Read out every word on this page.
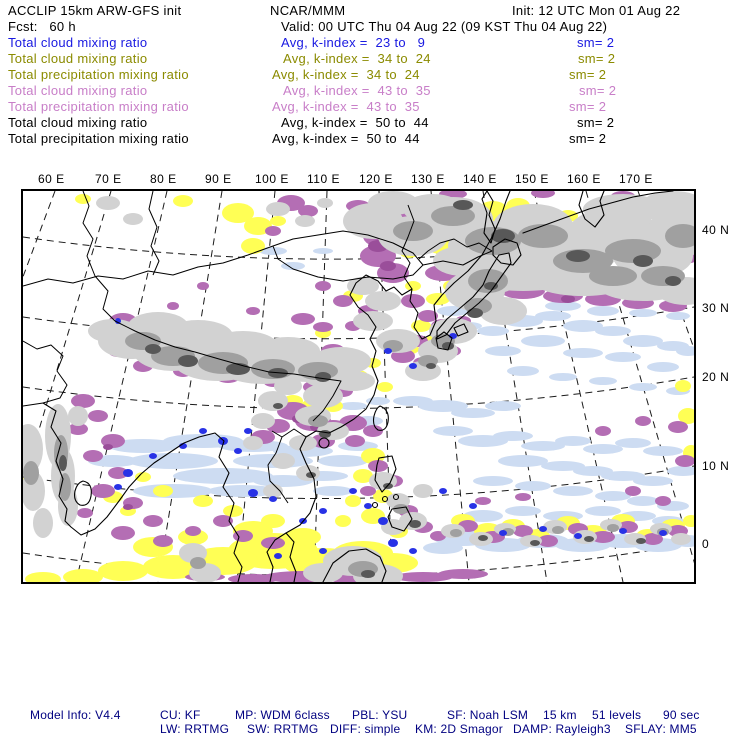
ACCLIP 15km ARW-GFS init	NCAR/MMM	Init: 12 UTC Mon 01 Aug 22
Fcst:   60 h	Valid: 00 UTC Thu 04 Aug 22 (09 KST Thu 04 Aug 22)
Total cloud mixing ratio	Avg, k-index =  23 to   9	sm= 2
Total cloud mixing ratio	Avg, k-index =  34 to  24	sm= 2
Total precipitation mixing ratio	Avg, k-index =  34 to  24	sm= 2
Total cloud mixing ratio	Avg, k-index =  43 to  35	sm= 2
Total precipitation mixing ratio	Avg, k-index =  43 to  35	sm= 2
Total cloud mixing ratio	Avg, k-index =  50 to  44	sm= 2
Total precipitation mixing ratio	Avg, k-index =  50 to  44	sm= 2
60 E	70 E 80 E 90 E 100 E 110 E 120 E 130 E 140 E 150 E 160 E 170 E
40 N
30 N
20 N
10 N
0
Model Info: V4.4	CU: KF	MP: WDM 6class PBL: YSU	SF: Noah LSM 15 km 51 levels 90 sec
LW: RRTMG SW: RRTMG DIFF: simple KM: 2D Smagor DAMP: Rayleigh3 SFLAY: MM5
